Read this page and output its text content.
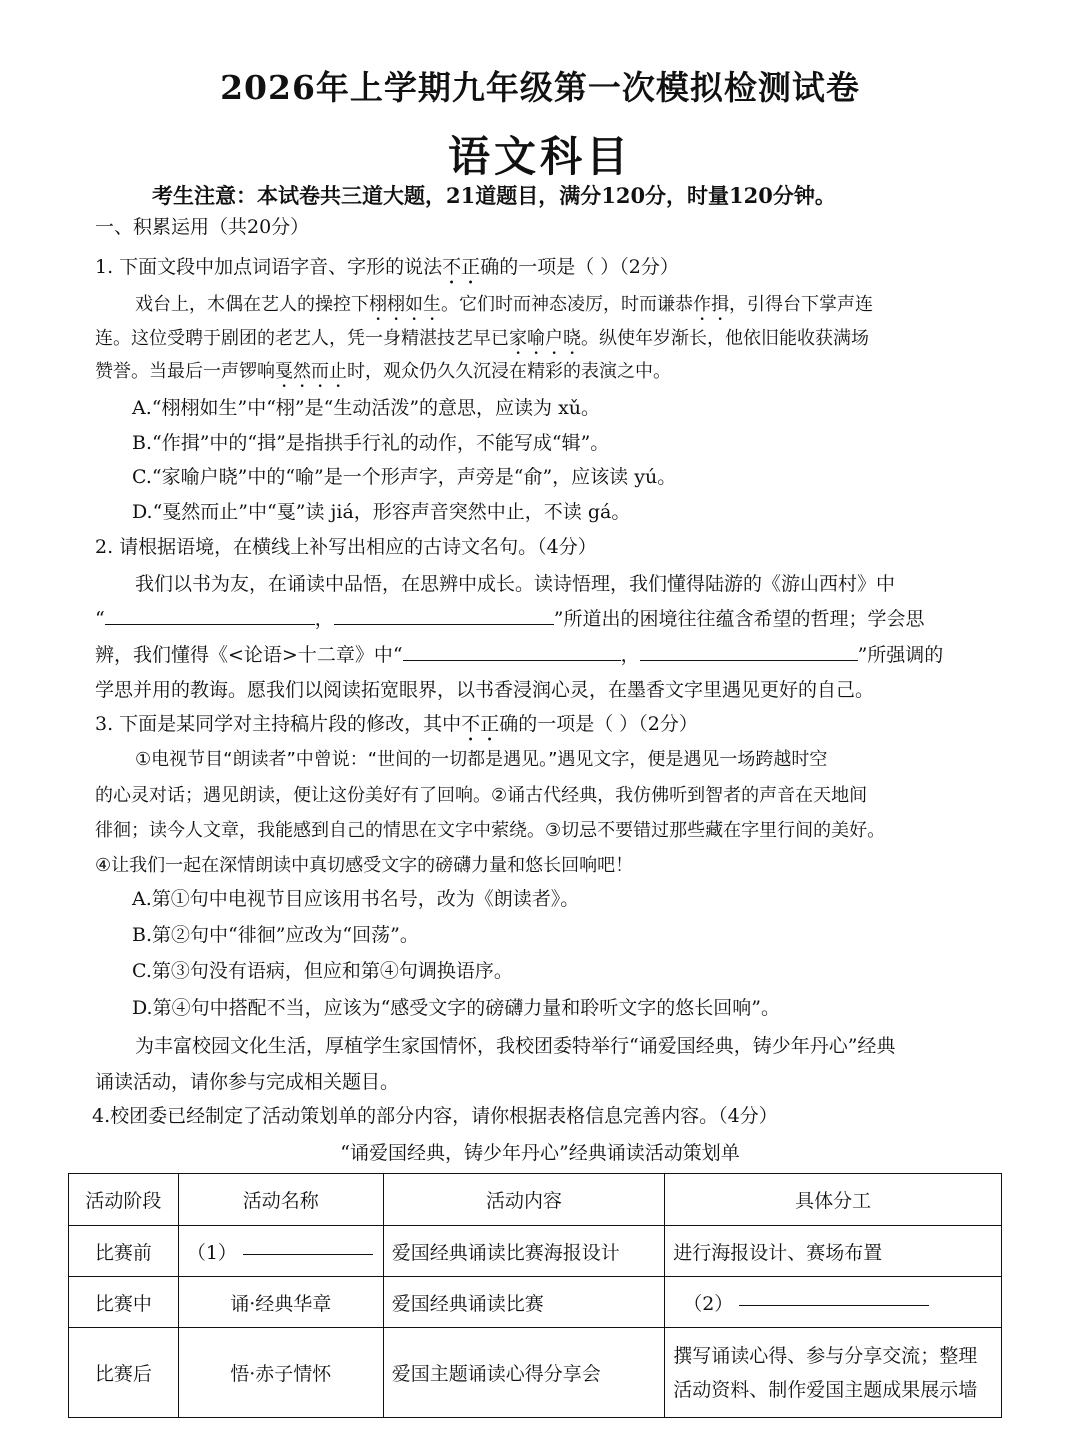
2026年上学期九年级第一次模拟检测试卷
语文科目
考生注意：本试卷共三道大题，21道题目，满分120分，时量120分钟。
一、积累运用（共20分）
1. 下面文段中加点词语字音、字形的说法不正确的一项是（ ）（2分）
戏台上，木偶在艺人的操控下栩栩如生。它们时而神态凌厉，时而谦恭作揖，引得台下掌声连
连。这位受聘于剧团的老艺人，凭一身精湛技艺早已家喻户晓。纵使年岁渐长，他依旧能收获满场
赞誉。当最后一声锣响戛然而止时，观众仍久久沉浸在精彩的表演之中。
A.“栩栩如生”中“栩”是“生动活泼”的意思，应读为 xǔ。
B.“作揖”中的“揖”是指拱手行礼的动作，不能写成“辑”。
C.“家喻户晓”中的“喻”是一个形声字，声旁是“俞”，应该读 yú。
D.“戛然而止”中“戛”读 jiá，形容声音突然中止，不读 gá。
2. 请根据语境，在横线上补写出相应的古诗文名句。（4分）
我们以书为友，在诵读中品悟，在思辨中成长。读诗悟理，我们懂得陆游的《游山西村》中
“	，	”所道出的困境往往蕴含希望的哲理；学会思
辨，我们懂得《<论语>十二章》中“	，	”所强调的
学思并用的教诲。愿我们以阅读拓宽眼界，以书香浸润心灵，在墨香文字里遇见更好的自己。
3. 下面是某同学对主持稿片段的修改，其中不正确的一项是（ ）（2分）
①电视节目“朗读者”中曾说：“世间的一切都是遇见。”遇见文字，便是遇见一场跨越时空
的心灵对话；遇见朗读，便让这份美好有了回响。②诵古代经典，我仿佛听到智者的声音在天地间
徘徊；读今人文章，我能感到自己的情思在文字中萦绕。③切忌不要错过那些藏在字里行间的美好。
④让我们一起在深情朗读中真切感受文字的磅礴力量和悠长回响吧！
A.第①句中电视节目应该用书名号，改为《朗读者》。
B.第②句中“徘徊”应改为“回荡”。
C.第③句没有语病，但应和第④句调换语序。
D.第④句中搭配不当，应该为“感受文字的磅礴力量和聆听文字的悠长回响”。
为丰富校园文化生活，厚植学生家国情怀，我校团委特举行“诵爱国经典，铸少年丹心”经典
诵读活动，请你参与完成相关题目。
4.校团委已经制定了活动策划单的部分内容，请你根据表格信息完善内容。（4分）
“诵爱国经典，铸少年丹心”经典诵读活动策划单
活动阶段	活动名称	活动内容	具体分工
比赛前	（1）	爱国经典诵读比赛海报设计	进行海报设计、赛场布置
比赛中	诵·经典华章	爱国经典诵读比赛	（2）
比赛后	悟·赤子情怀	爱国主题诵读心得分享会	撰写诵读心得、参与分享交流；整理
活动资料、制作爱国主题成果展示墙
